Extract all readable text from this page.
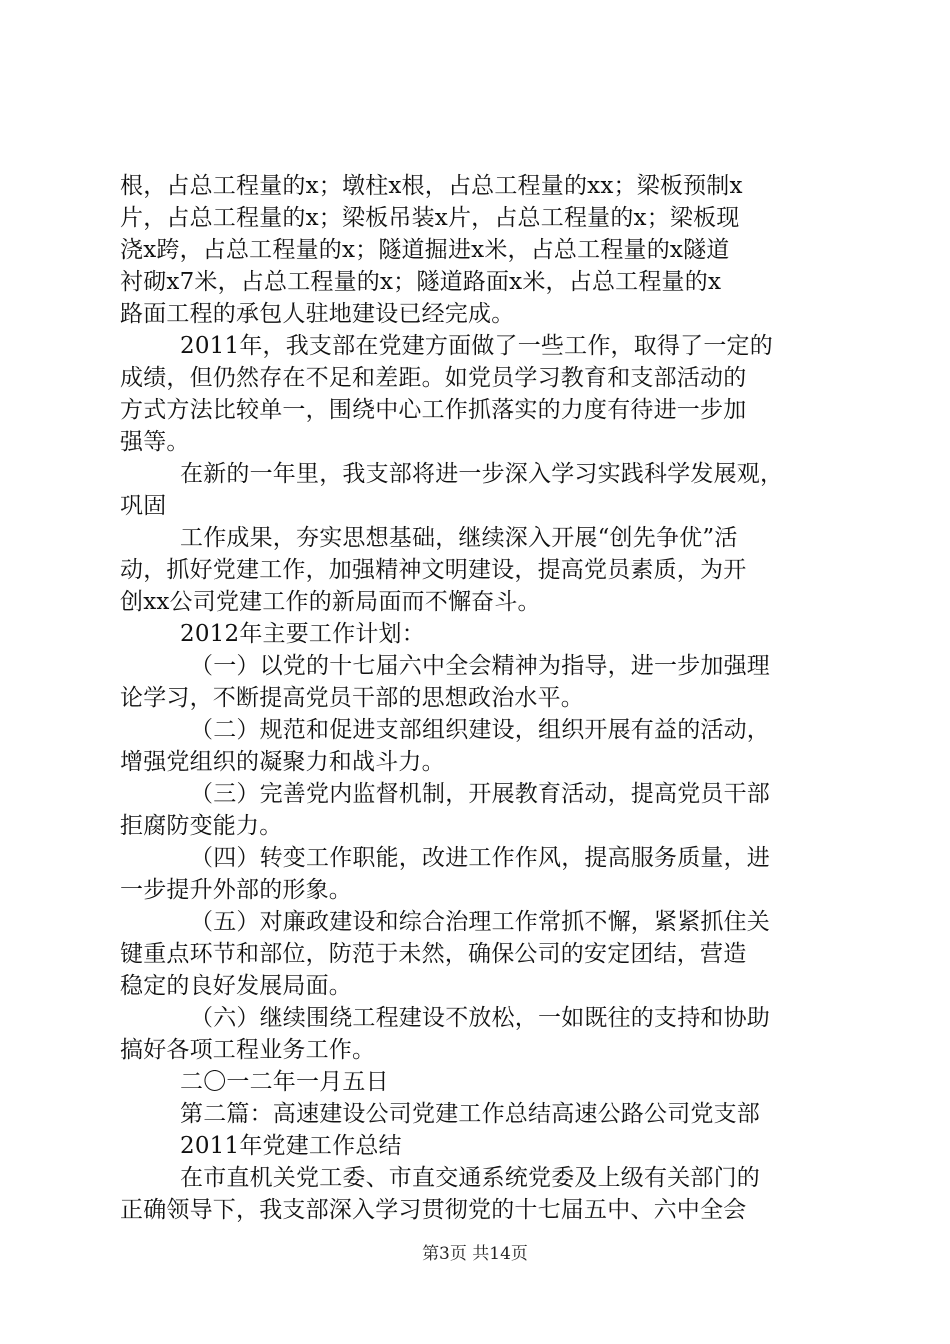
根，占总工程量的x；墩柱x根，占总工程量的xx；梁板预制x
片，占总工程量的x；梁板吊装x片，占总工程量的x；梁板现
浇x跨，占总工程量的x；隧道掘进x米，占总工程量的x隧道
衬砌x7米，占总工程量的x；隧道路面x米，占总工程量的x
路面工程的承包人驻地建设已经完成。
2011年，我支部在党建方面做了一些工作，取得了一定的
成绩，但仍然存在不足和差距。如党员学习教育和支部活动的
方式方法比较单一，围绕中心工作抓落实的力度有待进一步加
强等。
在新的一年里，我支部将进一步深入学习实践科学发展观，
巩固
工作成果，夯实思想基础，继续深入开展“创先争优”活
动，抓好党建工作，加强精神文明建设，提高党员素质，为开
创xx公司党建工作的新局面而不懈奋斗。
2012年主要工作计划：
（一）以党的十七届六中全会精神为指导，进一步加强理
论学习，不断提高党员干部的思想政治水平。
（二）规范和促进支部组织建设，组织开展有益的活动，
增强党组织的凝聚力和战斗力。
（三）完善党内监督机制，开展教育活动，提高党员干部
拒腐防变能力。
（四）转变工作职能，改进工作作风，提高服务质量，进
一步提升外部的形象。
（五）对廉政建设和综合治理工作常抓不懈，紧紧抓住关
键重点环节和部位，防范于未然，确保公司的安定团结，营造
稳定的良好发展局面。
（六）继续围绕工程建设不放松，一如既往的支持和协助
搞好各项工程业务工作。
二〇一二年一月五日
第二篇：高速建设公司党建工作总结高速公路公司党支部
2011年党建工作总结
在市直机关党工委、市直交通系统党委及上级有关部门的
正确领导下，我支部深入学习贯彻党的十七届五中、六中全会
第3页 共14页
